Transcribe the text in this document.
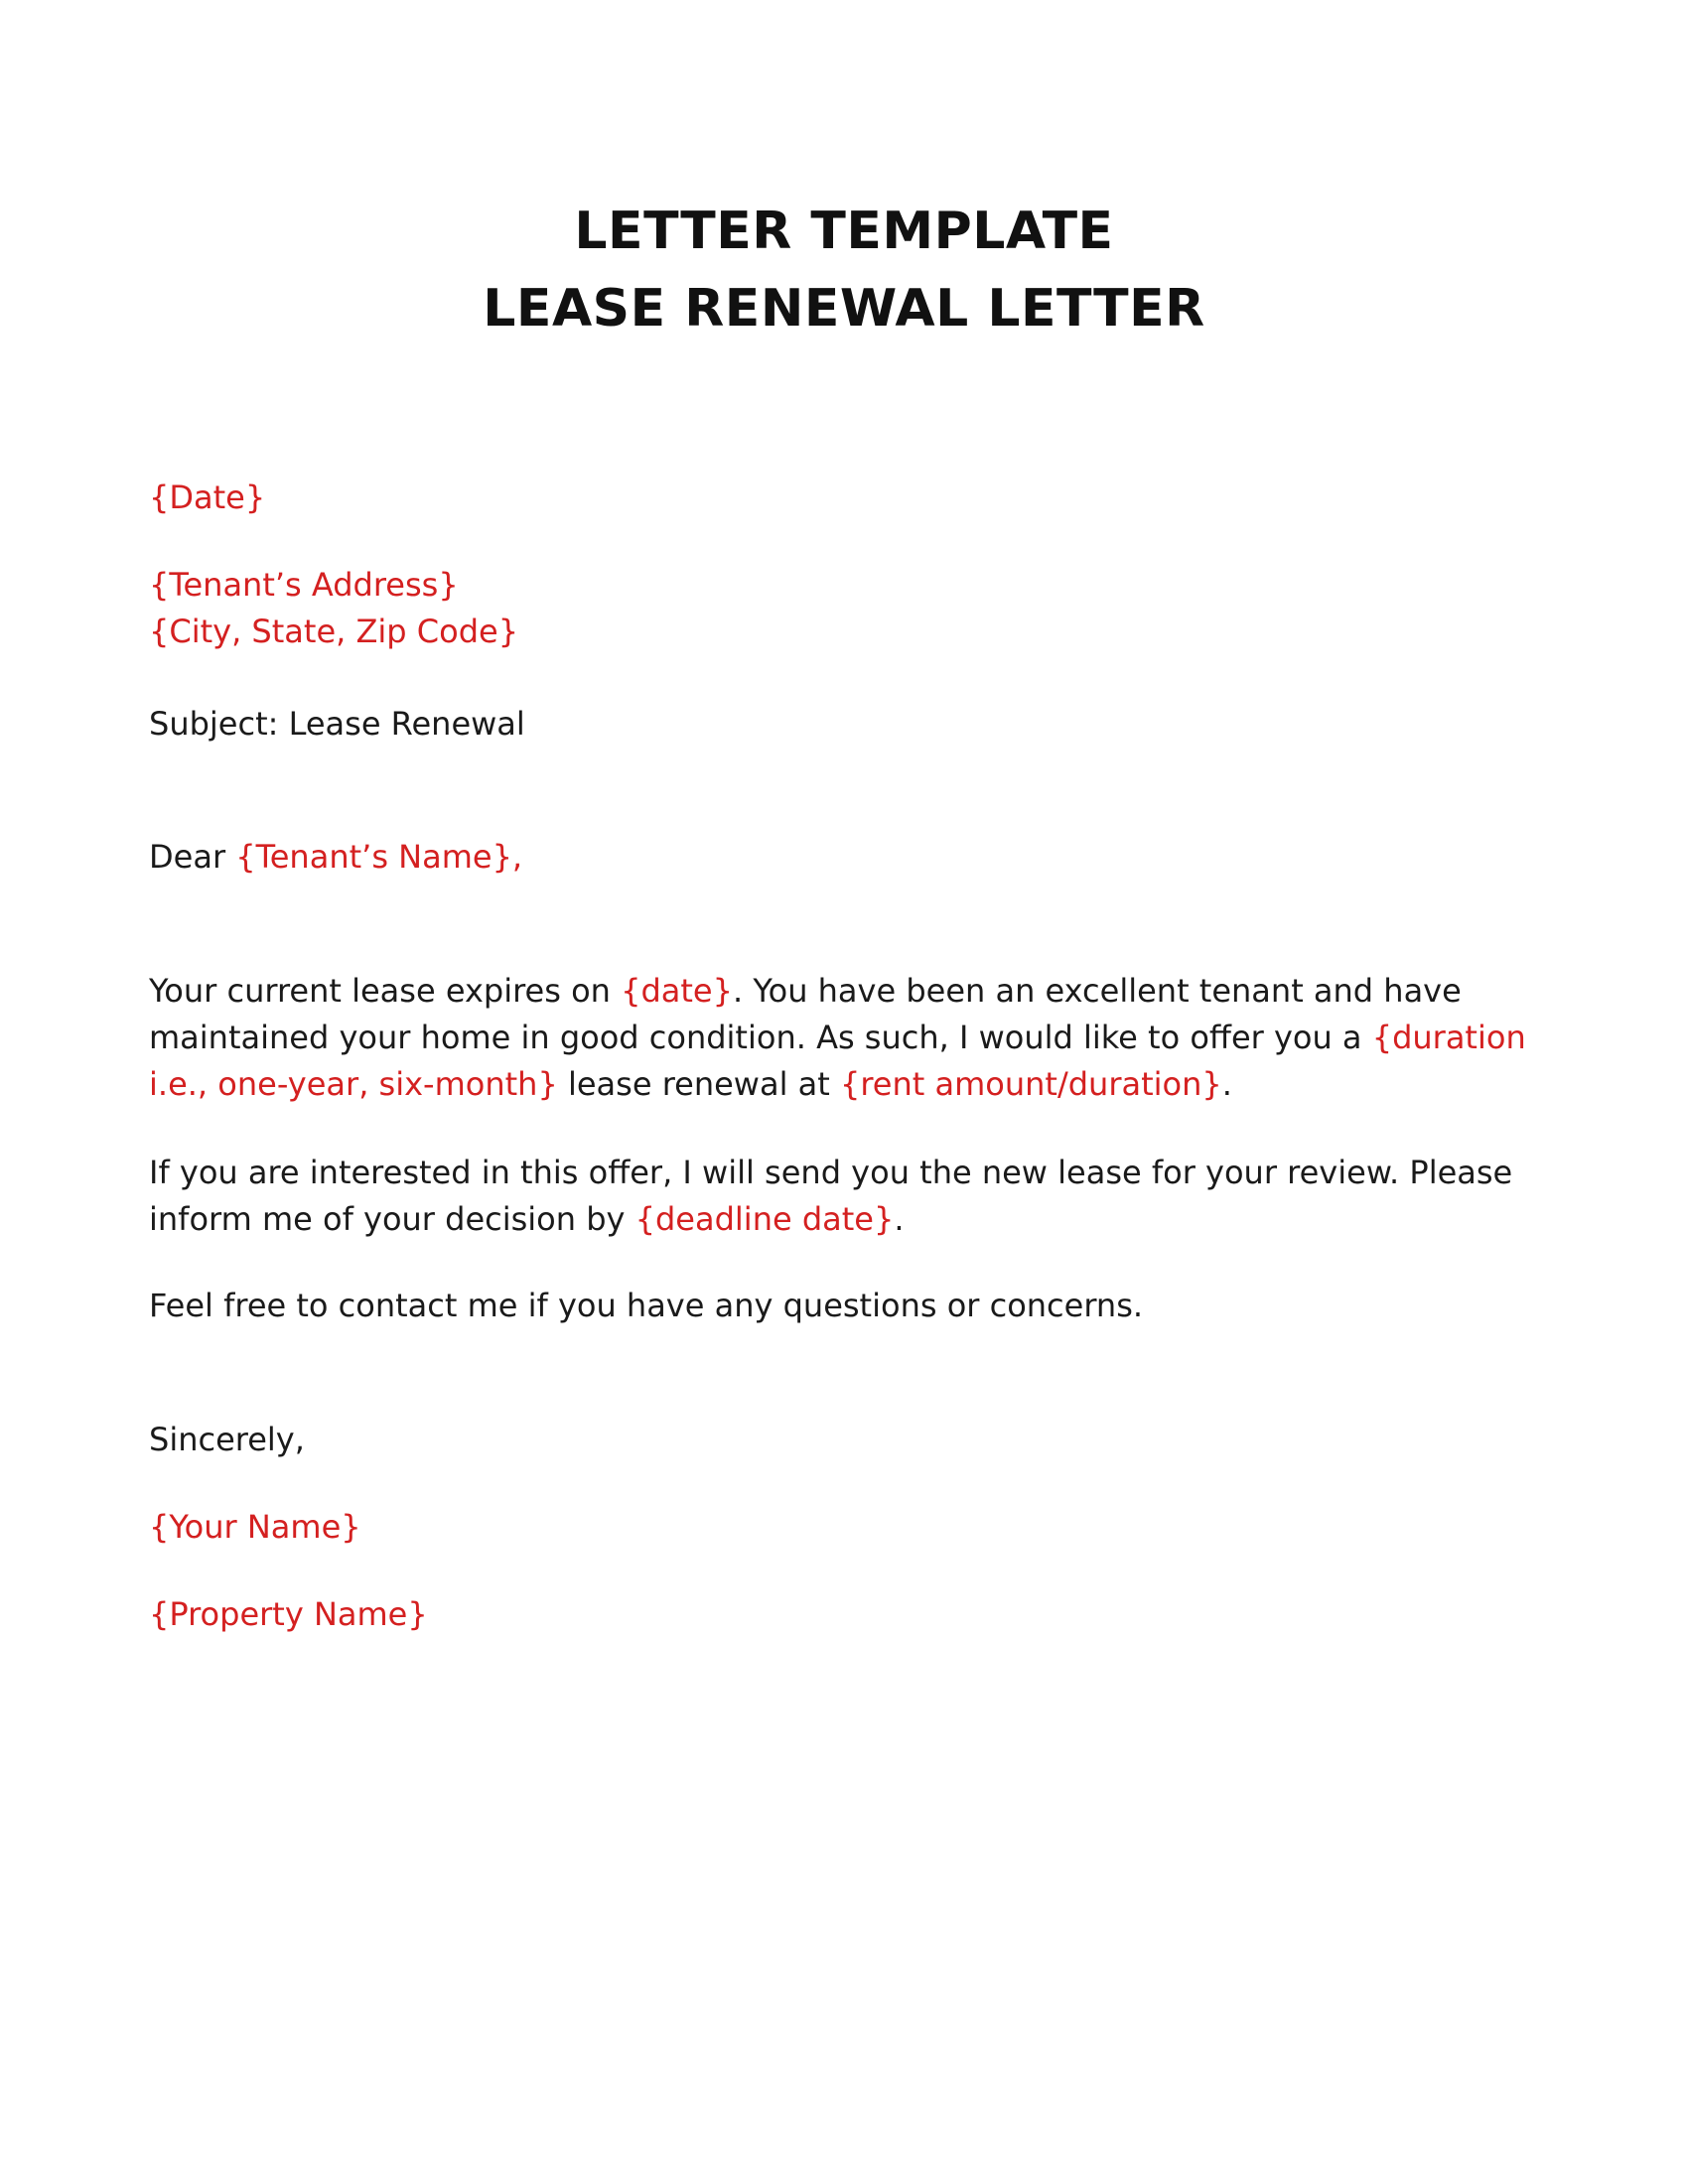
LETTER TEMPLATE
LEASE RENEWAL LETTER

{Date}

{Tenant’s Address}

{City, State, Zip Code}

Subject: Lease Renewal

Dear {Tenant’s Name},

Your current lease expires on {date}. You have been an excellent tenant and have maintained your home in good condition. As such, I would like to offer you a {duration i.e., one-year, six-month} lease renewal at {rent amount/duration}.

If you are interested in this offer, I will send you the new lease for your review. Please inform me of your decision by {deadline date}.

Feel free to contact me if you have any questions or concerns.

Sincerely,

{Your Name}

{Property Name}
